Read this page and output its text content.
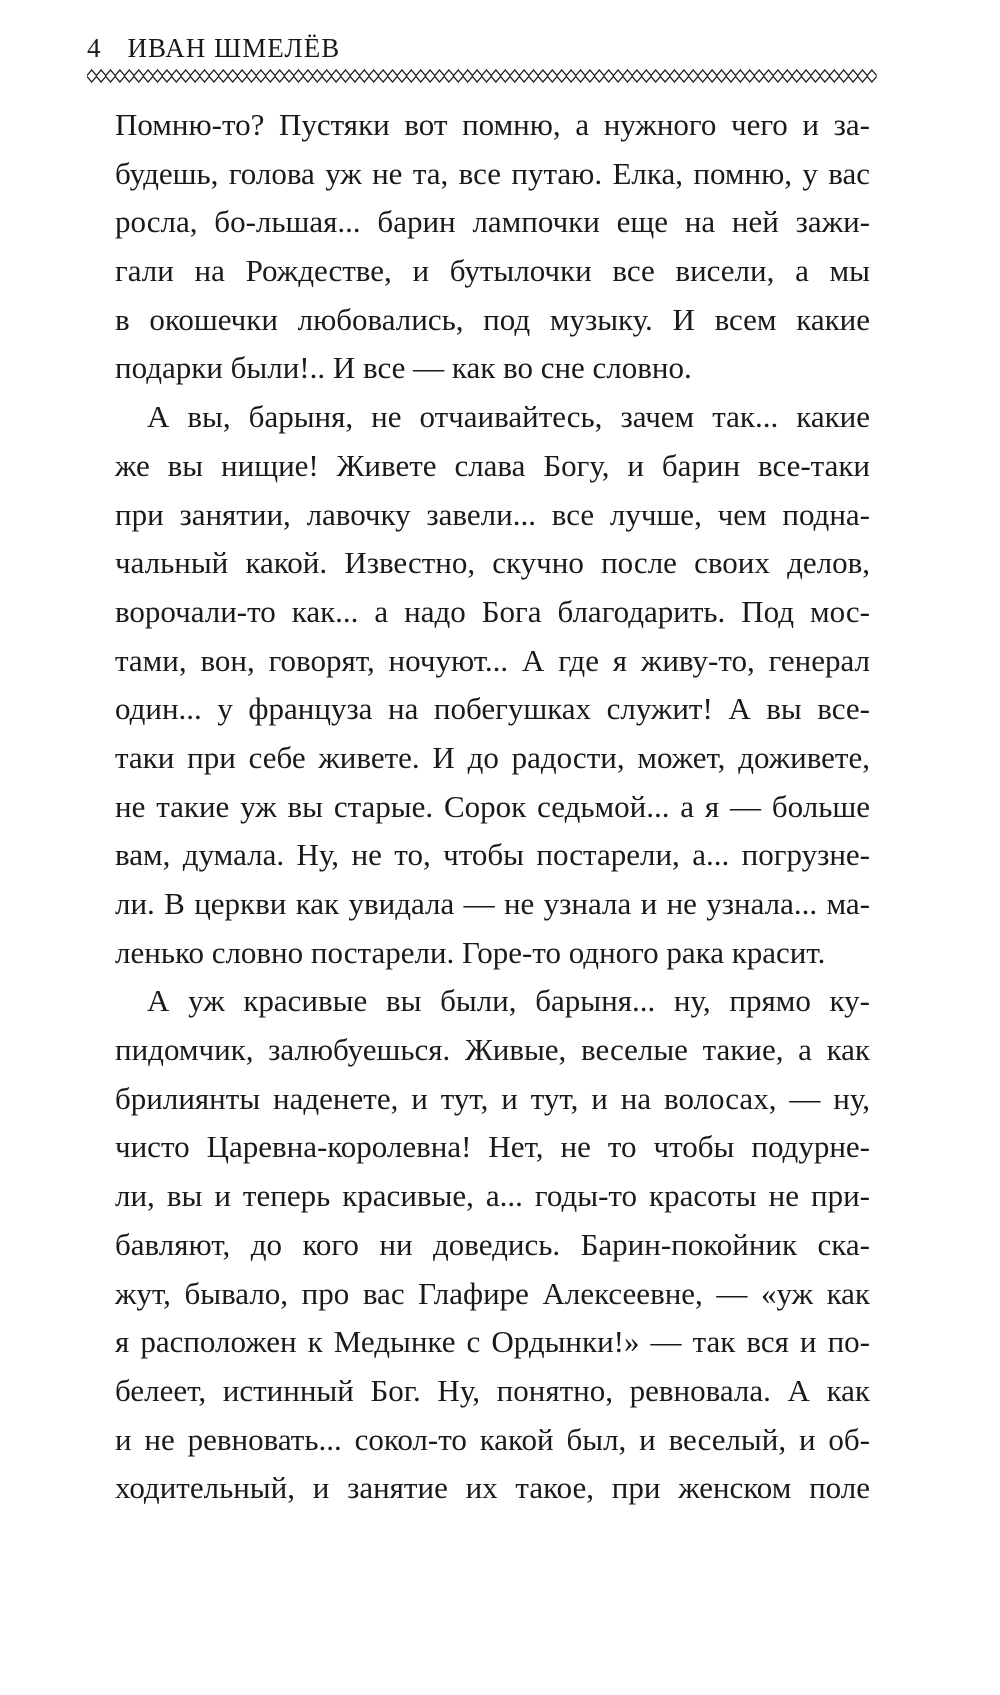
4 ИВАН ШМЕЛЁВ
Помню-то? Пустяки вот помню, а нужного чего и за-
будешь, голова уж не та, все путаю. Елка, помню, у вас
росла, бо-льшая... барин лампочки еще на ней зажи-
гали на Рождестве, и бутылочки все висели, а мы
в окошечки любовались, под музыку. И всем какие
подарки были!.. И все — как во сне словно.
А вы, барыня, не отчаивайтесь, зачем так... какие
же вы нищие! Живете слава Богу, и барин все-таки
при занятии, лавочку завели... все лучше, чем подна-
чальный какой. Известно, скучно после своих делов,
ворочали-то как... а надо Бога благодарить. Под мос-
тами, вон, говорят, ночуют... А где я живу-то, генерал
один... у француза на побегушках служит! А вы все-
таки при себе живете. И до радости, может, доживете,
не такие уж вы старые. Сорок седьмой... а я — больше
вам, думала. Ну, не то, чтобы постарели, а... погрузне-
ли. В церкви как увидала — не узнала и не узнала... ма-
ленько словно постарели. Горе-то одного рака красит.
А уж красивые вы были, барыня... ну, прямо ку-
пидомчик, залюбуешься. Живые, веселые такие, а как
брилиянты наденете, и тут, и тут, и на волосах, — ну,
чисто Царевна-королевна! Нет, не то чтобы подурне-
ли, вы и теперь красивые, а... годы-то красоты не при-
бавляют, до кого ни доведись. Барин-покойник ска-
жут, бывало, про вас Глафире Алексеевне, — «уж как
я расположен к Медынке с Ордынки!» — так вся и по-
белеет, истинный Бог. Ну, понятно, ревновала. А как
и не ревновать... сокол-то какой был, и веселый, и об-
ходительный, и занятие их такое, при женском поле
